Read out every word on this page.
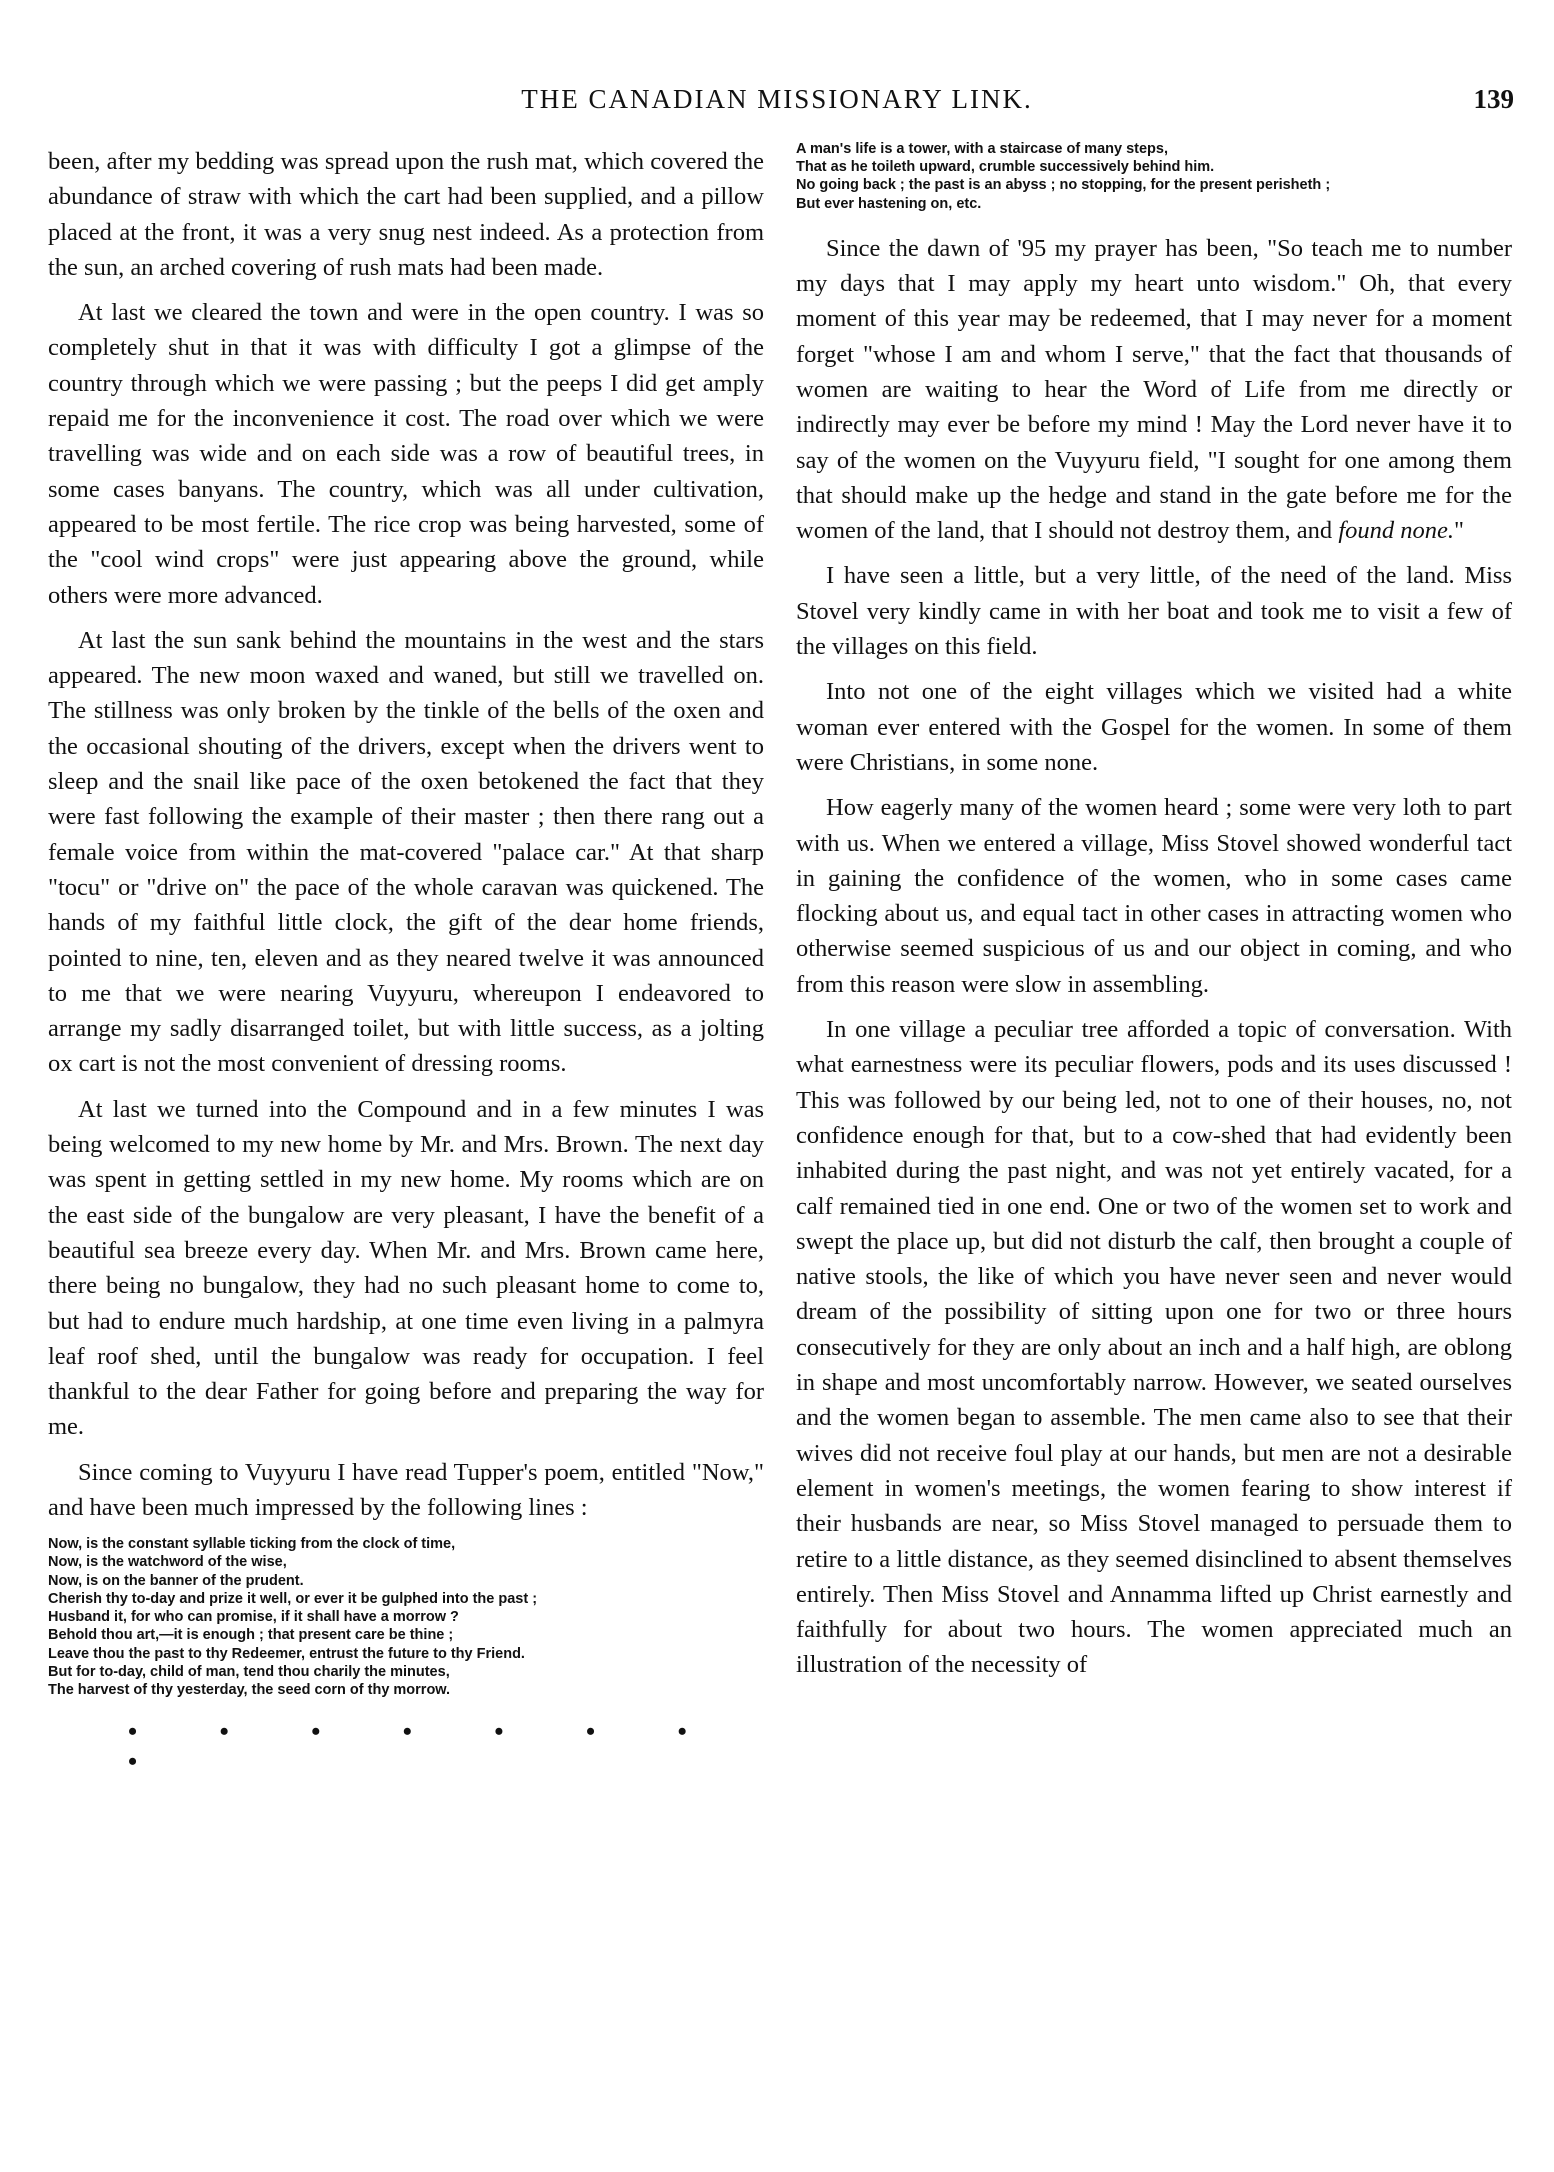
THE CANADIAN MISSIONARY LINK.	139

been, after my bedding was spread upon the rush mat, which covered the abundance of straw with which the cart had been supplied, and a pillow placed at the front, it was a very snug nest indeed. As a protection from the sun, an arched covering of rush mats had been made.

At last we cleared the town and were in the open country. I was so completely shut in that it was with difficulty I got a glimpse of the country through which we were passing ; but the peeps I did get amply repaid me for the inconvenience it cost. The road over which we were travelling was wide and on each side was a row of beautiful trees, in some cases banyans. The country, which was all under cultivation, appeared to be most fertile. The rice crop was being harvested, some of the "cool wind crops" were just appearing above the ground, while others were more advanced.

At last the sun sank behind the mountains in the west and the stars appeared. The new moon waxed and waned, but still we travelled on. The stillness was only broken by the tinkle of the bells of the oxen and the occasional shouting of the drivers, except when the drivers went to sleep and the snail like pace of the oxen betokened the fact that they were fast following the example of their master ; then there rang out a female voice from within the mat-covered "palace car." At that sharp "tocu" or "drive on" the pace of the whole caravan was quickened. The hands of my faithful little clock, the gift of the dear home friends, pointed to nine, ten, eleven and as they neared twelve it was announced to me that we were nearing Vuyyuru, whereupon I endeavored to arrange my sadly disarranged toilet, but with little success, as a jolting ox cart is not the most convenient of dressing rooms.

At last we turned into the Compound and in a few minutes I was being welcomed to my new home by Mr. and Mrs. Brown. The next day was spent in getting settled in my new home. My rooms which are on the east side of the bungalow are very pleasant, I have the benefit of a beautiful sea breeze every day. When Mr. and Mrs. Brown came here, there being no bungalow, they had no such pleasant home to come to, but had to endure much hardship, at one time even living in a palmyra leaf roof shed, until the bungalow was ready for occupation. I feel thankful to the dear Father for going before and preparing the way for me.

Since coming to Vuyyuru I have read Tupper's poem, entitled "Now," and have been much impressed by the following lines :

Now, is the constant syllable ticking from the clock of time,
Now, is the watchword of the wise,
Now, is on the banner of the prudent.
Cherish thy to-day and prize it well, or ever it be gulphed into the past ;
Husband it, for who can promise, if it shall have a morrow ?
Behold thou art,—it is enough ; that present care be thine ;
Leave thou the past to thy Redeemer, entrust the future to thy Friend.
But for to-day, child of man, tend thou charily the minutes,
The harvest of thy yesterday, the seed corn of thy morrow.
• • • • • • • •
A man's life is a tower, with a staircase of many steps,
That as he toileth upward, crumble successively behind him.
No going back ; the past is an abyss ; no stopping, for the present perisheth ;
But ever hastening on, etc.

Since the dawn of '95 my prayer has been, "So teach me to number my days that I may apply my heart unto wisdom." Oh, that every moment of this year may be redeemed, that I may never for a moment forget "whose I am and whom I serve," that the fact that thousands of women are waiting to hear the Word of Life from me directly or indirectly may ever be before my mind ! May the Lord never have it to say of the women on the Vuyyuru field, "I sought for one among them that should make up the hedge and stand in the gate before me for the women of the land, that I should not destroy them, and found none."

I have seen a little, but a very little, of the need of the land. Miss Stovel very kindly came in with her boat and took me to visit a few of the villages on this field.

Into not one of the eight villages which we visited had a white woman ever entered with the Gospel for the women. In some of them were Christians, in some none.

How eagerly many of the women heard ; some were very loth to part with us. When we entered a village, Miss Stovel showed wonderful tact in gaining the confidence of the women, who in some cases came flocking about us, and equal tact in other cases in attracting women who otherwise seemed suspicious of us and our object in coming, and who from this reason were slow in assembling.

In one village a peculiar tree afforded a topic of conversation. With what earnestness were its peculiar flowers, pods and its uses discussed ! This was followed by our being led, not to one of their houses, no, not confidence enough for that, but to a cow-shed that had evidently been inhabited during the past night, and was not yet entirely vacated, for a calf remained tied in one end. One or two of the women set to work and swept the place up, but did not disturb the calf, then brought a couple of native stools, the like of which you have never seen and never would dream of the possibility of sitting upon one for two or three hours consecutively for they are only about an inch and a half high, are oblong in shape and most uncomfortably narrow. However, we seated ourselves and the women began to assemble. The men came also to see that their wives did not receive foul play at our hands, but men are not a desirable element in women's meetings, the women fearing to show interest if their husbands are near, so Miss Stovel managed to persuade them to retire to a little distance, as they seemed disinclined to absent themselves entirely. Then Miss Stovel and Annamma lifted up Christ earnestly and faithfully for about two hours. The women appreciated much an illustration of the necessity of
